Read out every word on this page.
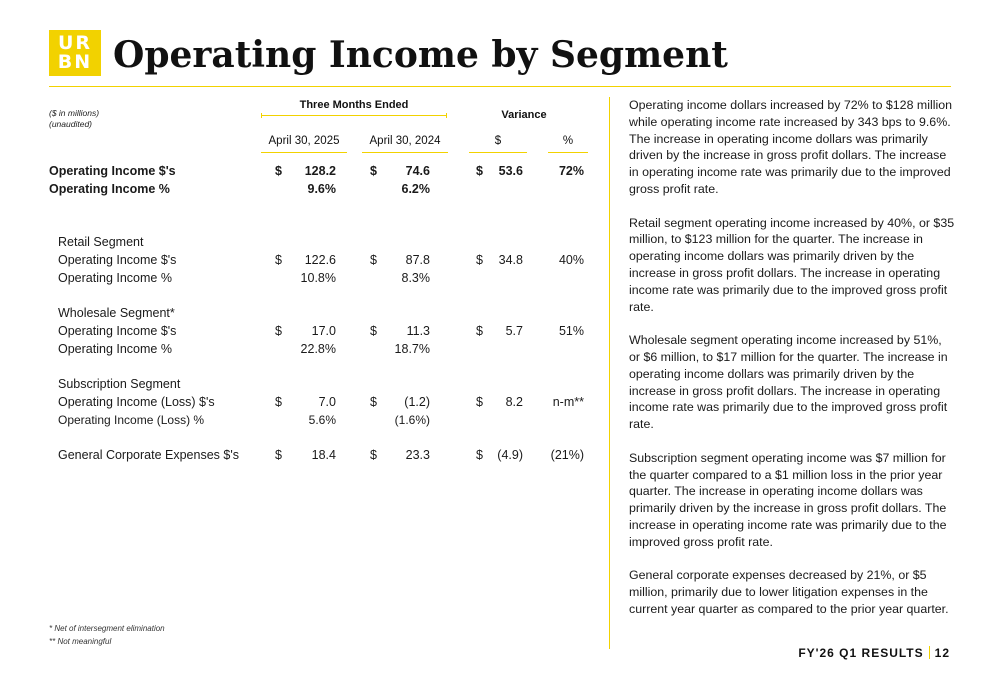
UR
BN Operating Income by Segment
($ in millions)
(unaudited)
Three Months Ended
Variance
April 30, 2025	April 30, 2024	$	%
Operating Income $'s	$ 128.2	$ 74.6	$ 53.6	72%
Operating Income %	9.6%	6.2%
Retail Segment
Operating Income $'s	$ 122.6	$ 87.8	$ 34.8	40%
Operating Income %	10.8%	8.3%
Wholesale Segment*
Operating Income $'s	$ 17.0	$ 11.3	$ 5.7	51%
Operating Income %	22.8%	18.7%
Subscription Segment
Operating Income (Loss) $'s	$	7.0	$ (1.2)	$ 8.2 n-m**
Operating Income (Loss) %	5.6%	(1.6%)
General Corporate Expenses $'s	$ 18.4	$ 23.3	$ (4.9) (21%)
* Net of intersegment elimination
** Not meaningful

Operating income dollars increased by 72% to $128 million while operating income rate increased by 343 bps to 9.6%. The increase in operating income dollars was primarily driven by the increase in gross profit dollars. The increase in operating income rate was primarily due to the improved gross profit rate.

Retail segment operating income increased by 40%, or $35 million, to $123 million for the quarter. The increase in operating income dollars was primarily driven by the increase in gross profit dollars. The increase in operating income rate was primarily due to the improved gross profit rate.

Wholesale segment operating income increased by 51%, or $6 million, to $17 million for the quarter. The increase in operating income dollars was primarily driven by the increase in gross profit dollars. The increase in operating income rate was primarily due to the improved gross profit rate.

Subscription segment operating income was $7 million for the quarter compared to a $1 million loss in the prior year quarter. The increase in operating income dollars was primarily driven by the increase in gross profit dollars. The increase in operating income rate was primarily due to the improved gross profit rate.

General corporate expenses decreased by 21%, or $5 million, primarily due to lower litigation expenses in the current year quarter as compared to the prior year quarter.

FY'26 Q1 RESULTS 12
